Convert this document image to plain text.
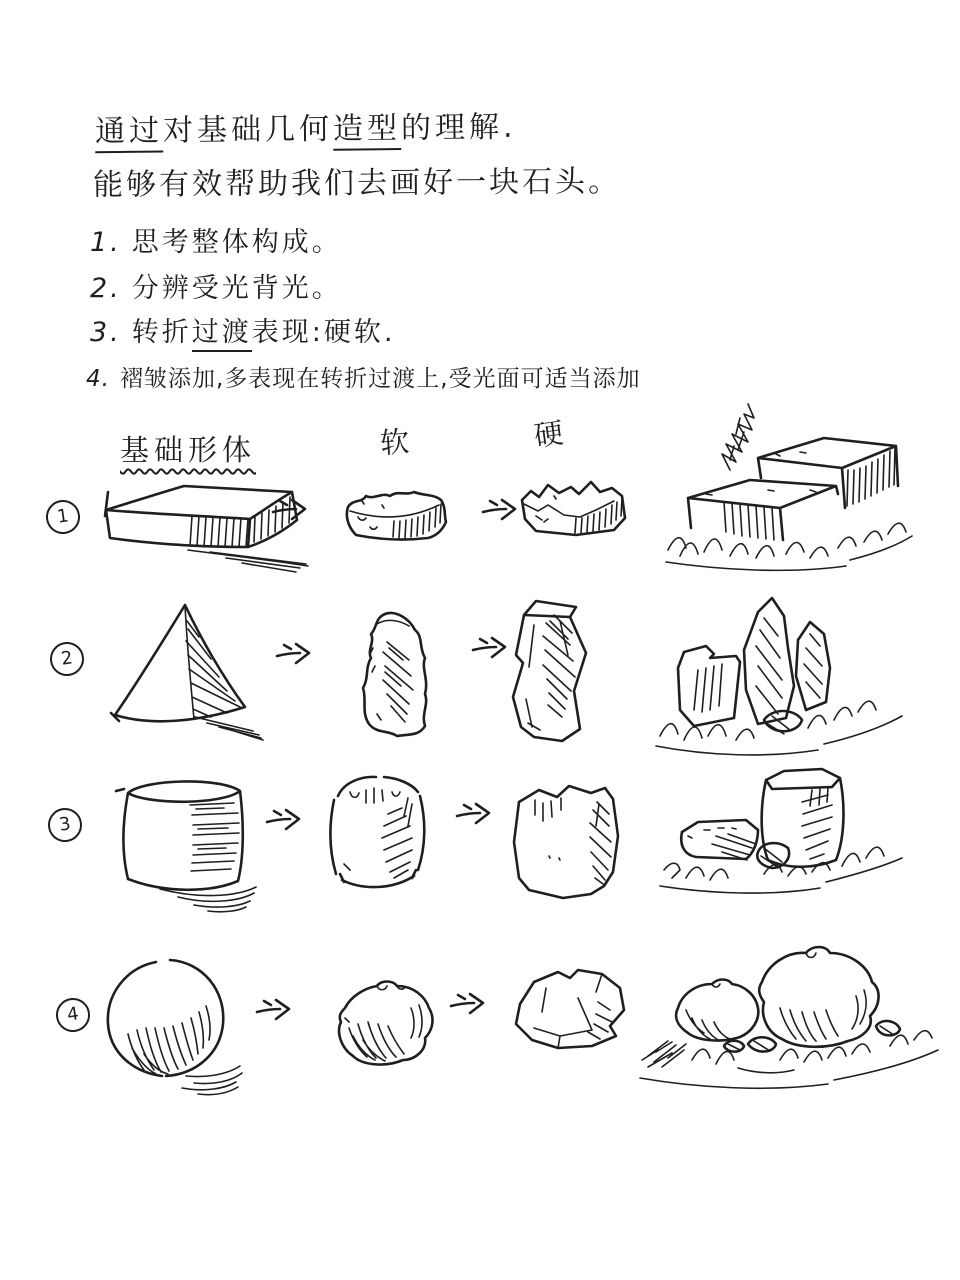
通过对基础几何造型的理解.
能够有效帮助我们去画好一块石头。
1. 思考整体构成。
2. 分辨受光背光。
3. 转折过渡表现:硬软.
4. 褶皱添加,多表现在转折过渡上,受光面可适当添加
基础形体	软	硬
1
2
3
4
